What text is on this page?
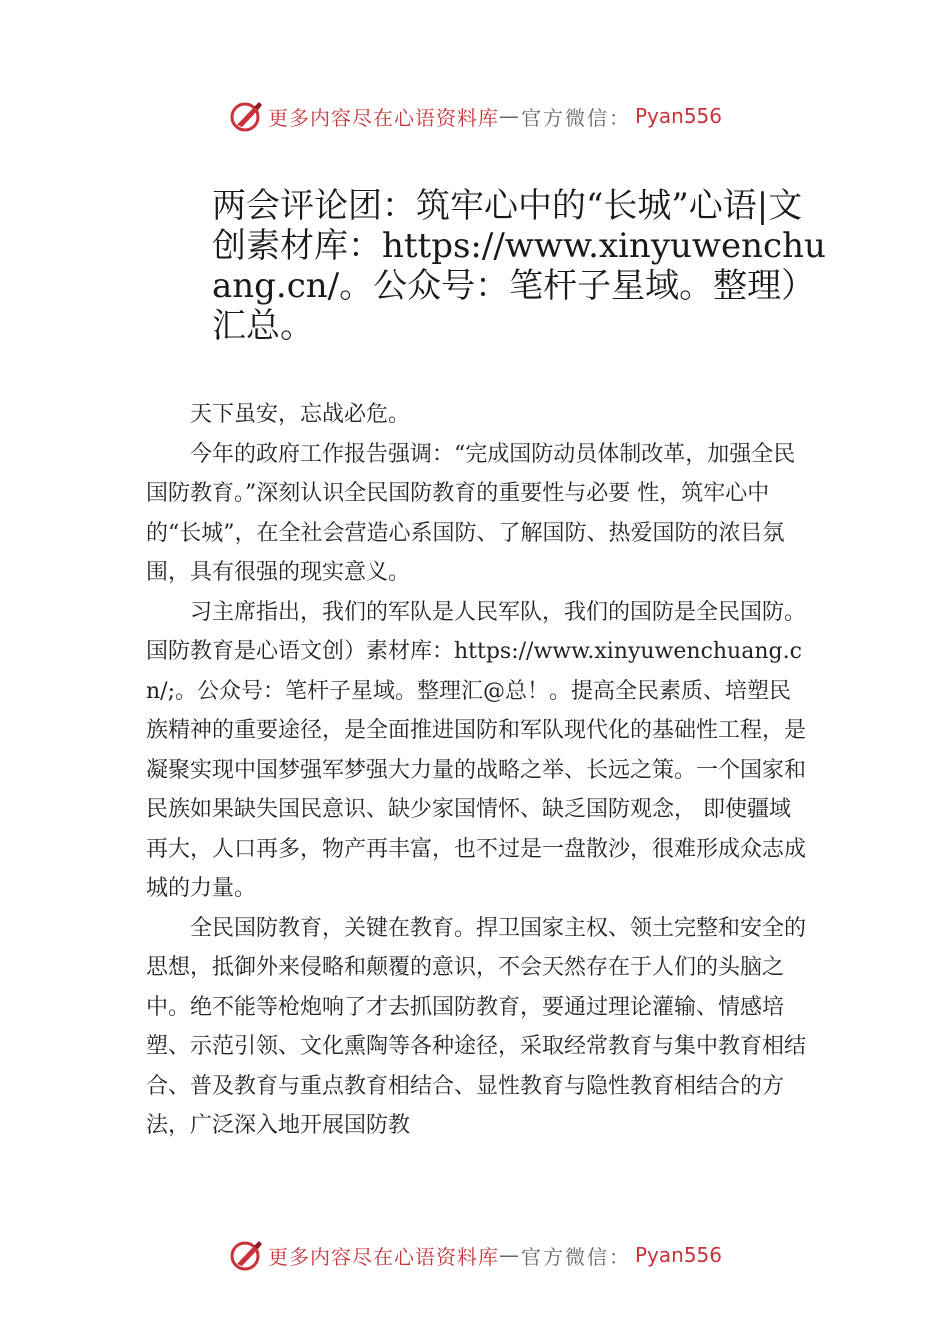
更多内容尽在心语资料库 — 官方微信： Pyan556
两会评论团：筑牢心中的“长城”心语|文创素材库：https://www.xinyuwenchuang.cn/。公众号：笔杆子星域。整理）汇总。

天下虽安，忘战必危。

今年的政府工作报告强调：“完成国防动员体制改革，加强全民国防教育。”深刻认识全民国防教育的重要性与必要 性，筑牢心中的“长城”，在全社会营造心系国防、了解国防、热爱国防的浓㠯氛围，具有很强的现实意义。

习主席指出，我们的军队是人民军队，我们的国防是全民国防。国防教育是心语文创）素材库：https://www.xinyuwenchuang.cn/;。公众号：笔杆子星域。整理汇@总！。提高全民素质、培塑民族精神的重要途径，是全面推进国防和军队现代化的基础性工程，是凝聚实现中国梦强军梦强大力量的战略之举、长远之策。一个国家和民族如果缺失国民意识、缺少家国情怀、缺乏国防观念， 即使疆域再大，人口再多，物产再丰富，也不过是一盘散沙，很难形成众志成城的力量。

全民国防教育，关键在教育。捍卫国家主权、领土完整和安全的思想，抵御外来侵略和颠覆的意识，不会天然存在于人们的头脑之中。绝不能等枪炮响了才去抓国防教育，要通过理论灌输、情感培塑、示范引领、文化熏陶等各种途径，采取经常教育与集中教育相结合、普及教育与重点教育相结合、显性教育与隐性教育相结合的方法，广泛深入地开展国防教

更多内容尽在心语资料库 — 官方微信： Pyan556
